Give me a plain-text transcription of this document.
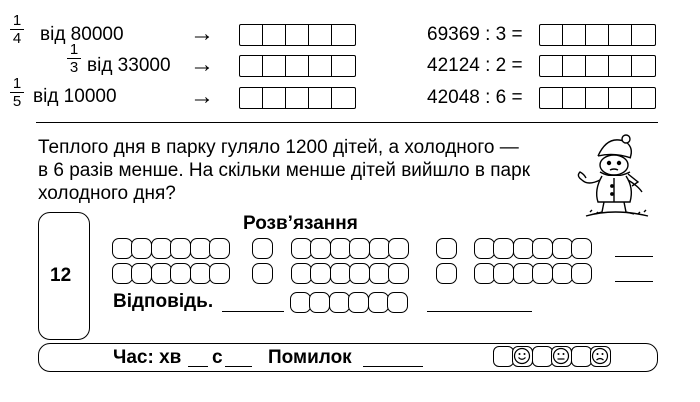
$\frac{1}{4}$ від 80000	→
$\frac{1}{3}$ від 33000 →
$\frac{1}{5}$ від 10000	→
69369 : 3 =
42124 : 2 =
42048 : 6 =
Теплого дня в парку гуляло 1200 дітей, а холодного —
в 6 разів менше. На скільки менше дітей вийшло в парк
холодного дня?
12
Розв’язання
Відповідь.
Час: хв с Помилок
